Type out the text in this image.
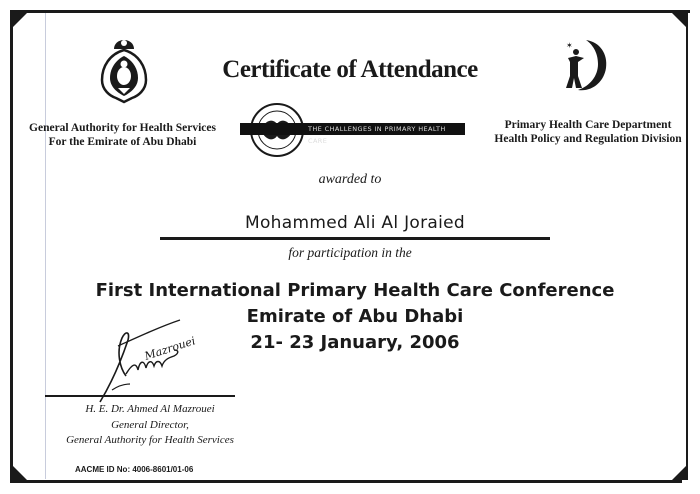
✶
Certificate of Attendance
General Authority for Health Services
For the Emirate of Abu Dhabi
Primary Health Care Department
Health Policy and Regulation Division
THE CHALLENGES IN PRIMARY HEALTH CARE
awarded to
Mohammed Ali Al Joraied
for participation in the
First International Primary Health Care Conference
Emirate of Abu Dhabi
21- 23 January, 2006
Mazrouei
H. E. Dr. Ahmed Al Mazrouei
General Director,
General Authority for Health Services
AACME ID No: 4006-8601/01-06
